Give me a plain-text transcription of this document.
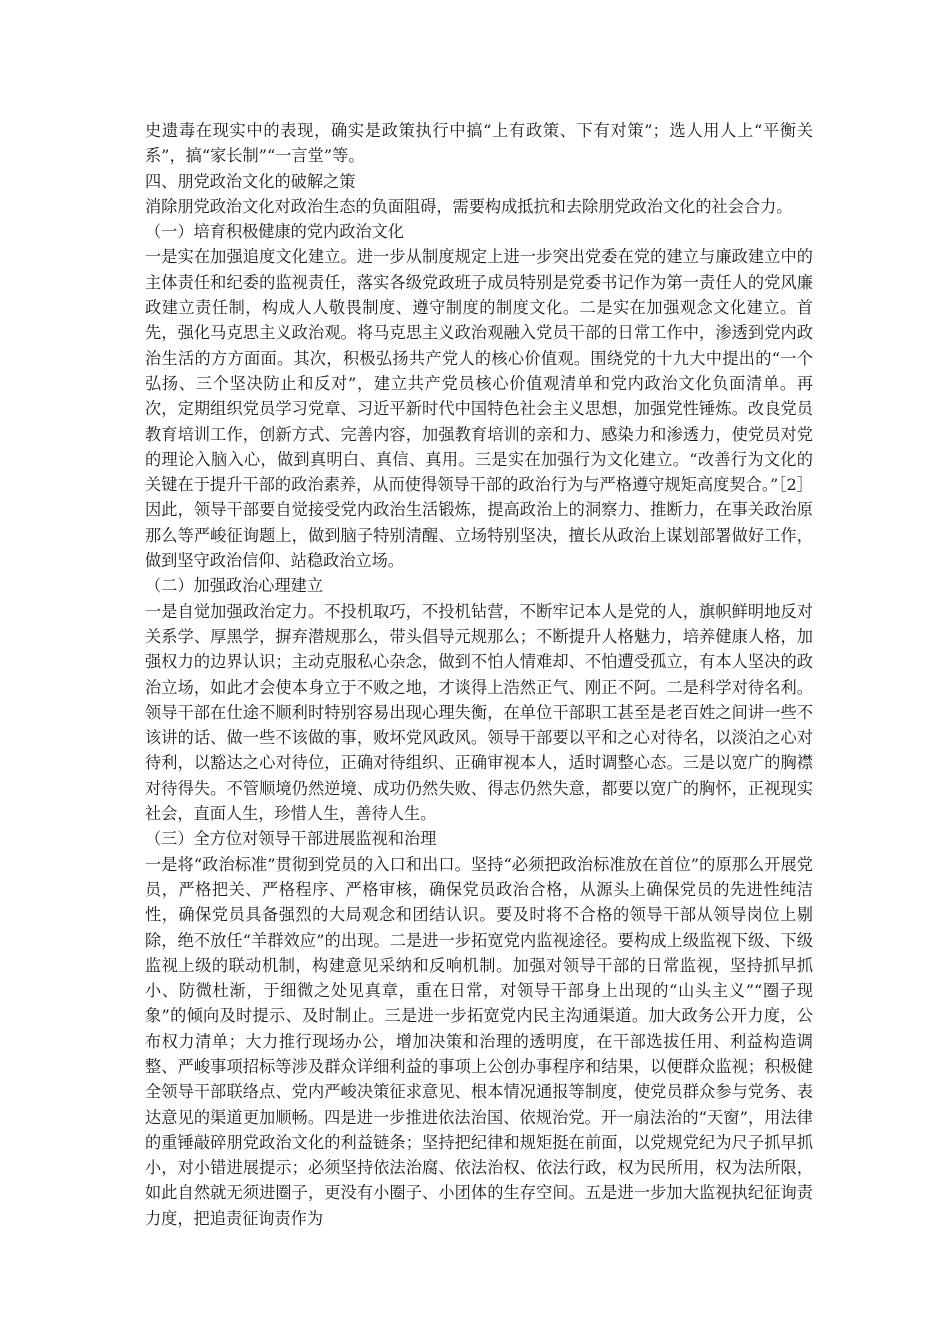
史遗毒在现实中的表现，确实是政策执行中搞“上有政策、下有对策”；选人用人上“平衡关系”，搞“家长制”“一言堂”等。

四、朋党政治文化的破解之策

消除朋党政治文化对政治生态的负面阻碍，需要构成抵抗和去除朋党政治文化的社会合力。

（一）培育积极健康的党内政治文化

一是实在加强追度文化建立。进一步从制度规定上进一步突出党委在党的建立与廉政建立中的主体责任和纪委的监视责任，落实各级党政班子成员特别是党委书记作为第一责任人的党风廉政建立责任制，构成人人敬畏制度、遵守制度的制度文化。二是实在加强观念文化建立。首先，强化马克思主义政治观。将马克思主义政治观融入党员干部的日常工作中，渗透到党内政治生活的方方面面。其次，积极弘扬共产党人的核心价值观。围绕党的十九大中提出的“一个弘扬、三个坚决防止和反对”，建立共产党员核心价值观清单和党内政治文化负面清单。再次，定期组织党员学习党章、习近平新时代中国特色社会主义思想，加强党性锤炼。改良党员教育培训工作，创新方式、完善内容，加强教育培训的亲和力、感染力和渗透力，使党员对党的理论入脑入心，做到真明白、真信、真用。三是实在加强行为文化建立。“改善行为文化的关键在于提升干部的政治素养，从而使得领导干部的政治行为与严格遵守规矩高度契合。”［2］因此，领导干部要自觉接受党内政治生活锻炼，提高政治上的洞察力、推断力，在事关政治原那么等严峻征询题上，做到脑子特别清醒、立场特别坚决，擅长从政治上谋划部署做好工作，做到坚守政治信仰、站稳政治立场。

（二）加强政治心理建立

一是自觉加强政治定力。不投机取巧，不投机钻营，不断牢记本人是党的人，旗帜鲜明地反对关系学、厚黑学，摒弃潜规那么，带头倡导元规那么；不断提升人格魅力，培养健康人格，加强权力的边界认识；主动克服私心杂念，做到不怕人情难却、不怕遭受孤立，有本人坚决的政治立场，如此才会使本身立于不败之地，才谈得上浩然正气、刚正不阿。二是科学对待名利。领导干部在仕途不顺利时特别容易出现心理失衡，在单位干部职工甚至是老百姓之间讲一些不该讲的话、做一些不该做的事，败坏党风政风。领导干部要以平和之心对待名，以淡泊之心对待利，以豁达之心对待位，正确对待组织、正确审视本人，适时调整心态。三是以宽广的胸襟对待得失。不管顺境仍然逆境、成功仍然失败、得志仍然失意，都要以宽广的胸怀，正视现实社会，直面人生，珍惜人生，善待人生。

（三）全方位对领导干部进展监视和治理

一是将“政治标准”贯彻到党员的入口和出口。坚持“必须把政治标准放在首位”的原那么开展党员，严格把关、严格程序、严格审核，确保党员政治合格，从源头上确保党员的先进性纯洁性，确保党员具备强烈的大局观念和团结认识。要及时将不合格的领导干部从领导岗位上剔除，绝不放任“羊群效应”的出现。二是进一步拓宽党内监视途径。要构成上级监视下级、下级监视上级的联动机制，构建意见采纳和反响机制。加强对领导干部的日常监视，坚持抓早抓小、防微杜渐，于细微之处见真章，重在日常，对领导干部身上出现的“山头主义”“圈子现象”的倾向及时提示、及时制止。三是进一步拓宽党内民主沟通渠道。加大政务公开力度，公布权力清单；大力推行现场办公，增加决策和治理的透明度，在干部选拔任用、利益构造调整、严峻事项招标等涉及群众详细利益的事项上公创办事程序和结果，以便群众监视；积极健全领导干部联络点、党内严峻决策征求意见、根本情况通报等制度，使党员群众参与党务、表达意见的渠道更加顺畅。四是进一步推进依法治国、依规治党。开一扇法治的“天窗”，用法律的重锤敲碎朋党政治文化的利益链条；坚持把纪律和规矩挺在前面，以党规党纪为尺子抓早抓小，对小错进展提示；必须坚持依法治腐、依法治权、依法行政，权为民所用，权为法所限，如此自然就无须进圈子，更没有小圈子、小团体的生存空间。五是进一步加大监视执纪征询责力度，把追责征询责作为
